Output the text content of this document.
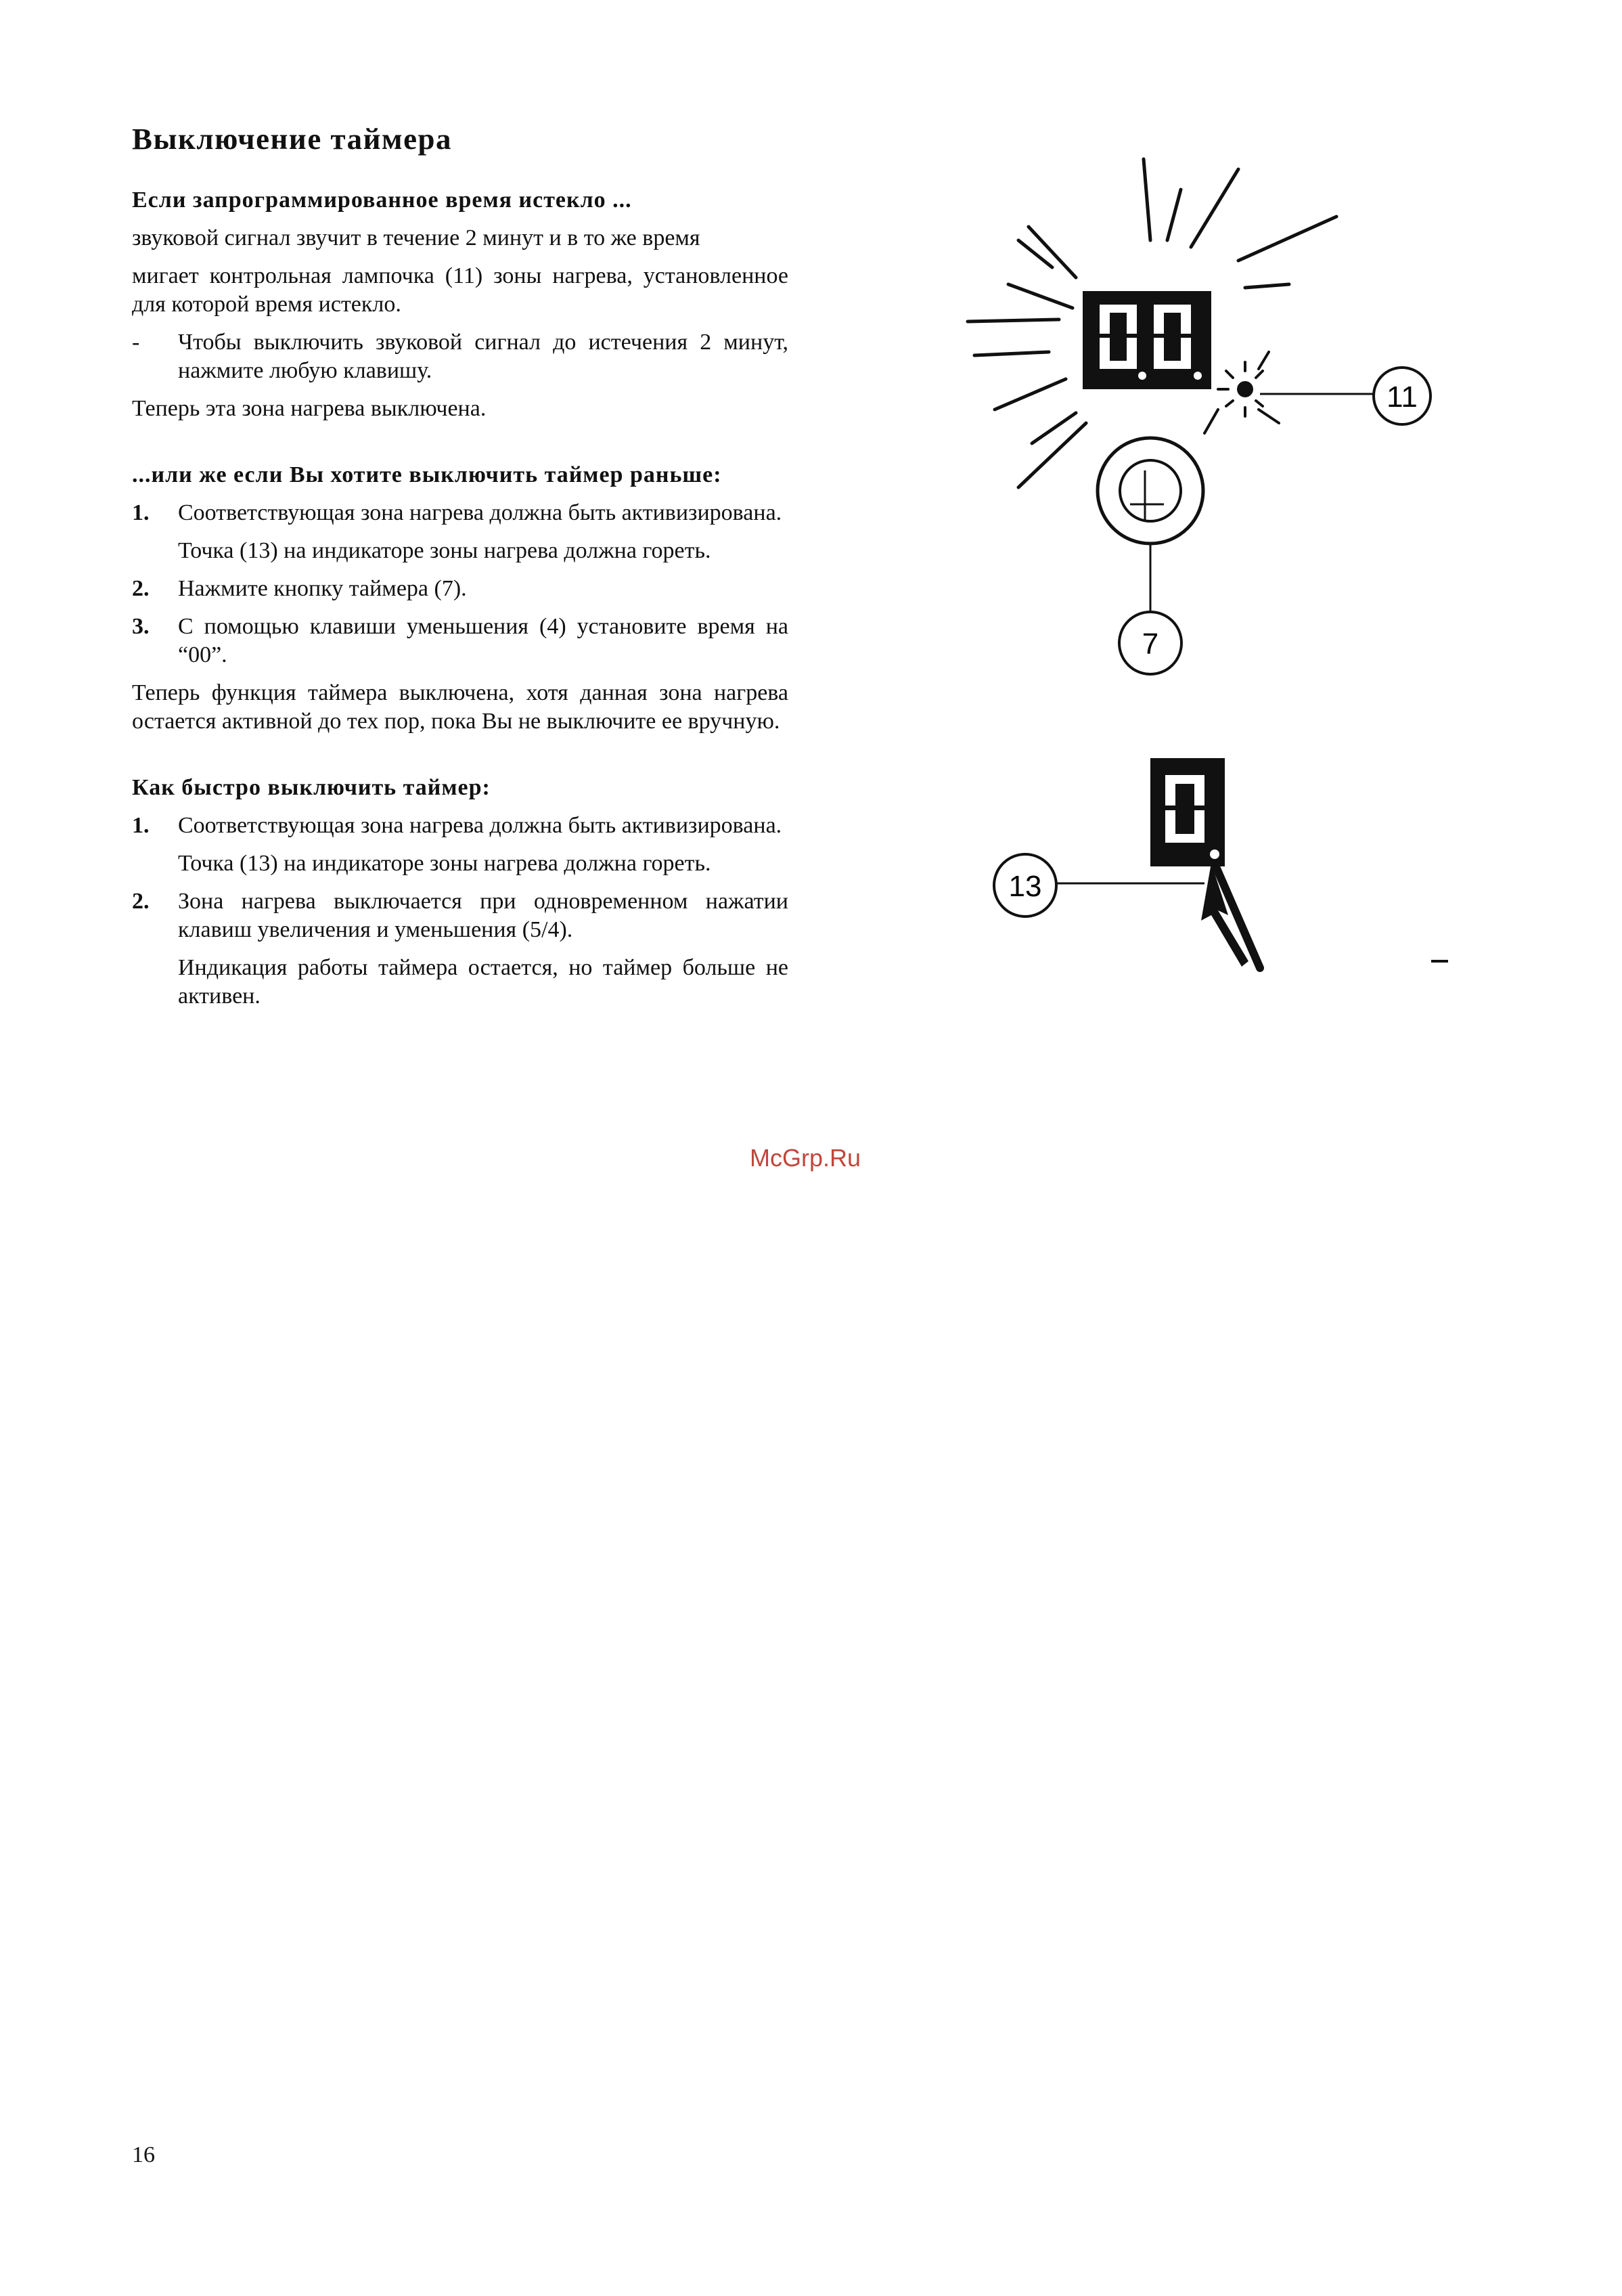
Выключение таймера
Если запрограммированное время истекло ...

звуковой сигнал звучит в течение 2 минут и в то же время

мигает контрольная лампочка (11) зоны нагрева, установленное для которой время истекло.

- Чтобы выключить звуковой сигнал до истечения 2 минут, нажмите любую клавишу.

Теперь эта зона нагрева выключена.

...или же если Вы хотите выключить таймер раньше:
1. Соответствующая зона нагрева должна быть активизирована.
Точка (13) на индикаторе зоны нагрева должна гореть.
2. Нажмите кнопку таймера (7).
3. С помощью клавиши уменьшения (4) установите время на “00”.

Теперь функция таймера выключена, хотя данная зона нагрева остается активной до тех пор, пока Вы не выключите ее вручную.

Как быстро выключить таймер:
1. Соответствующая зона нагрева должна быть активизирована.
Точка (13) на индикаторе зоны нагрева должна гореть.
2. Зона нагрева выключается при одновременном нажатии клавиш увеличения и уменьшения (5/4).
Индикация работы таймера остается, но таймер больше не активен.
11
7
13
McGrp.Ru
16
